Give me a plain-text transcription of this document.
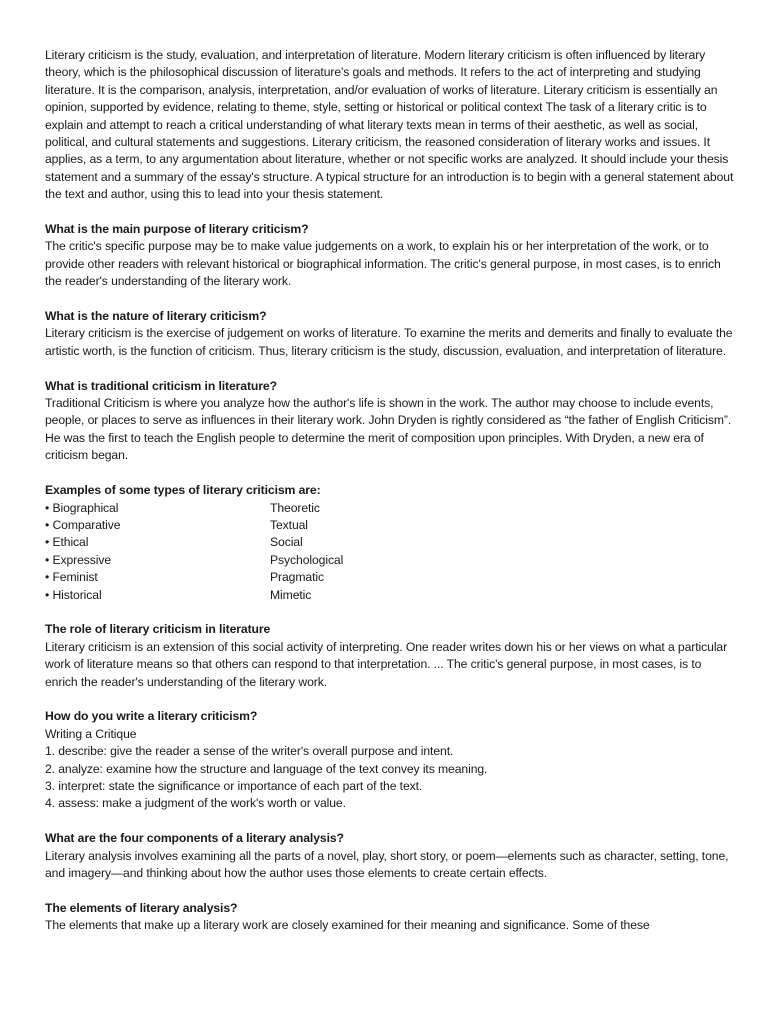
Literary criticism is the study, evaluation, and interpretation of literature. Modern literary criticism is often influenced by literary theory, which is the philosophical discussion of literature's goals and methods. It refers to the act of interpreting and studying literature. It is the comparison, analysis, interpretation, and/or evaluation of works of literature. Literary criticism is essentially an opinion, supported by evidence, relating to theme, style, setting or historical or political context The task of a literary critic is to explain and attempt to reach a critical understanding of what literary texts mean in terms of their aesthetic, as well as social, political, and cultural statements and suggestions. Literary criticism, the reasoned consideration of literary works and issues. It applies, as a term, to any argumentation about literature, whether or not specific works are analyzed. It should include your thesis statement and a summary of the essay's structure. A typical structure for an introduction is to begin with a general statement about the text and author, using this to lead into your thesis statement.

What is the main purpose of literary criticism?

The critic's specific purpose may be to make value judgements on a work, to explain his or her interpretation of the work, or to provide other readers with relevant historical or biographical information. The critic's general purpose, in most cases, is to enrich the reader's understanding of the literary work.

What is the nature of literary criticism?

Literary criticism is the exercise of judgement on works of literature. To examine the merits and demerits and finally to evaluate the artistic worth, is the function of criticism. Thus, literary criticism is the study, discussion, evaluation, and interpretation of literature.

What is traditional criticism in literature?

Traditional Criticism is where you analyze how the author's life is shown in the work. The author may choose to include events, people, or places to serve as influences in their literary work. John Dryden is rightly considered as “the father of English Criticism”. He was the first to teach the English people to determine the merit of composition upon principles. With Dryden, a new era of criticism began.

Examples of some types of literary criticism are:

• Biographical	Theoretic
• Comparative	Textual
• Ethical	Social
• Expressive	Psychological
• Feminist	Pragmatic
• Historical	Mimetic

The role of literary criticism in literature

Literary criticism is an extension of this social activity of interpreting. One reader writes down his or her views on what a particular work of literature means so that others can respond to that interpretation. ... The critic's general purpose, in most cases, is to enrich the reader's understanding of the literary work.

How do you write a literary criticism?

Writing a Critique

1. describe: give the reader a sense of the writer's overall purpose and intent.

2. analyze: examine how the structure and language of the text convey its meaning.

3. interpret: state the significance or importance of each part of the text.

4. assess: make a judgment of the work's worth or value.

What are the four components of a literary analysis?

Literary analysis involves examining all the parts of a novel, play, short story, or poem—elements such as character, setting, tone, and imagery—and thinking about how the author uses those elements to create certain effects.

The elements of literary analysis?

The elements that make up a literary work are closely examined for their meaning and significance. Some of these
